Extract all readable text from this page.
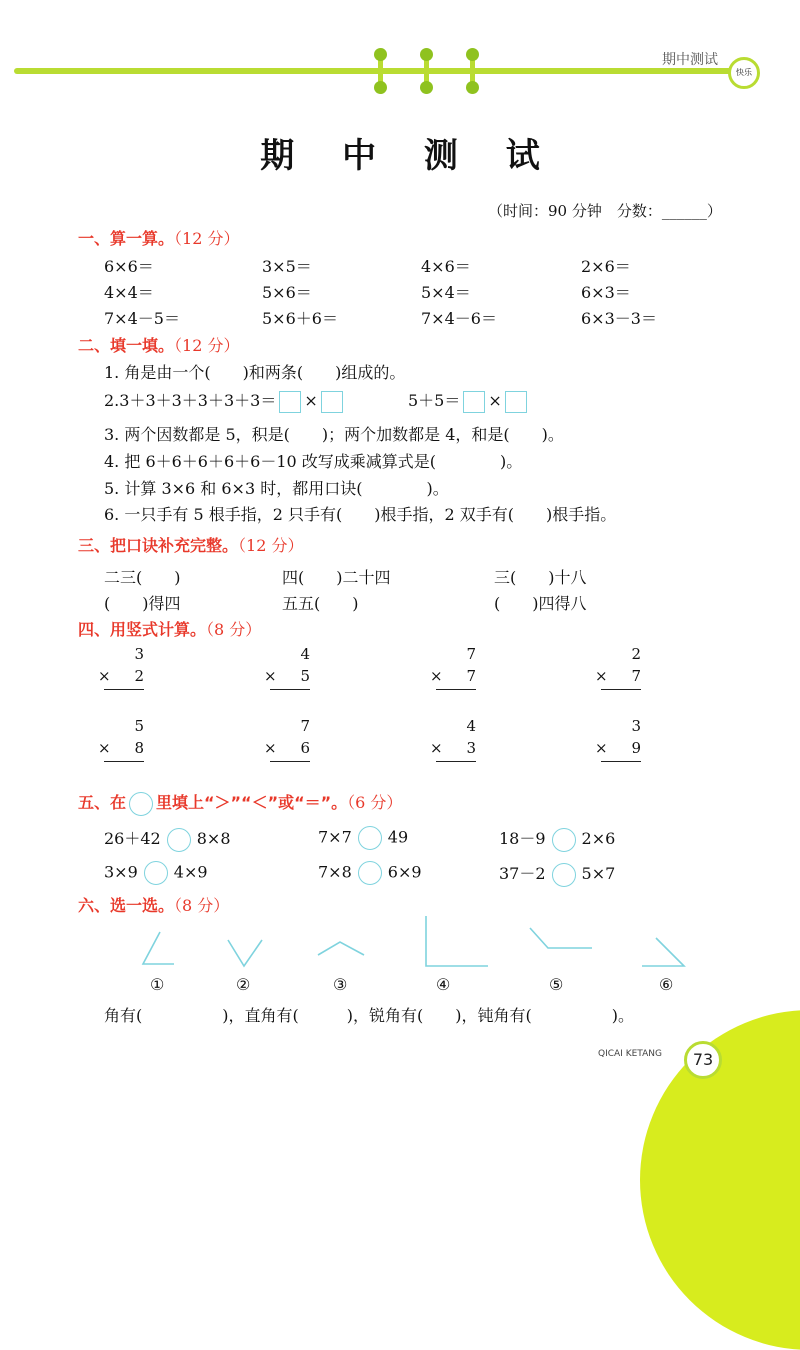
期中测试
快乐
期 中 测 试
（时间：90 分钟　分数：______）
一、算一算。（12 分）
6×6＝	3×5＝	4×6＝	2×6＝
4×4＝	5×6＝	5×4＝	6×3＝
7×4－5＝	5×6＋6＝	7×4－6＝	6×3－3＝
二、填一填。（12 分）
1. 角是由一个(　　)和两条(　　)组成的。
2.3＋3＋3＋3＋3＋3＝ ×	5＋5＝ ×
3. 两个因数都是 5，积是(　　)；两个加数都是 4，和是(　　)。
4. 把 6＋6＋6＋6＋6－10 改写成乘减算式是(　　　　)。
5. 计算 3×6 和 6×3 时，都用口诀(　　　　)。
6. 一只手有 5 根手指，2 只手有(　　)根手指，2 双手有(　　)根手指。
三、把口诀补充完整。（12 分）
二三(　　)	四(　　)二十四	三(　　)十八
(　　)得四	五五(　　)	(　　)四得八
四、用竖式计算。（8 分）
3
× 2
4
× 5
7
× 7
2
× 7
5
× 8
7
× 6
4
× 3
3
× 9
五、在 里填上“＞”“＜”或“＝”。（6 分）
26＋42 8×8	7×7 49	18－9 2×6
3×9 4×9	7×8 6×9	37－2 5×7
六、选一选。（8 分）
①	②	③	④	⑤	⑥
角有(　　　　　)，直角有(　　　)，锐角有(　　)，钝角有(　　　　　)。
QICAI KETANG	73
